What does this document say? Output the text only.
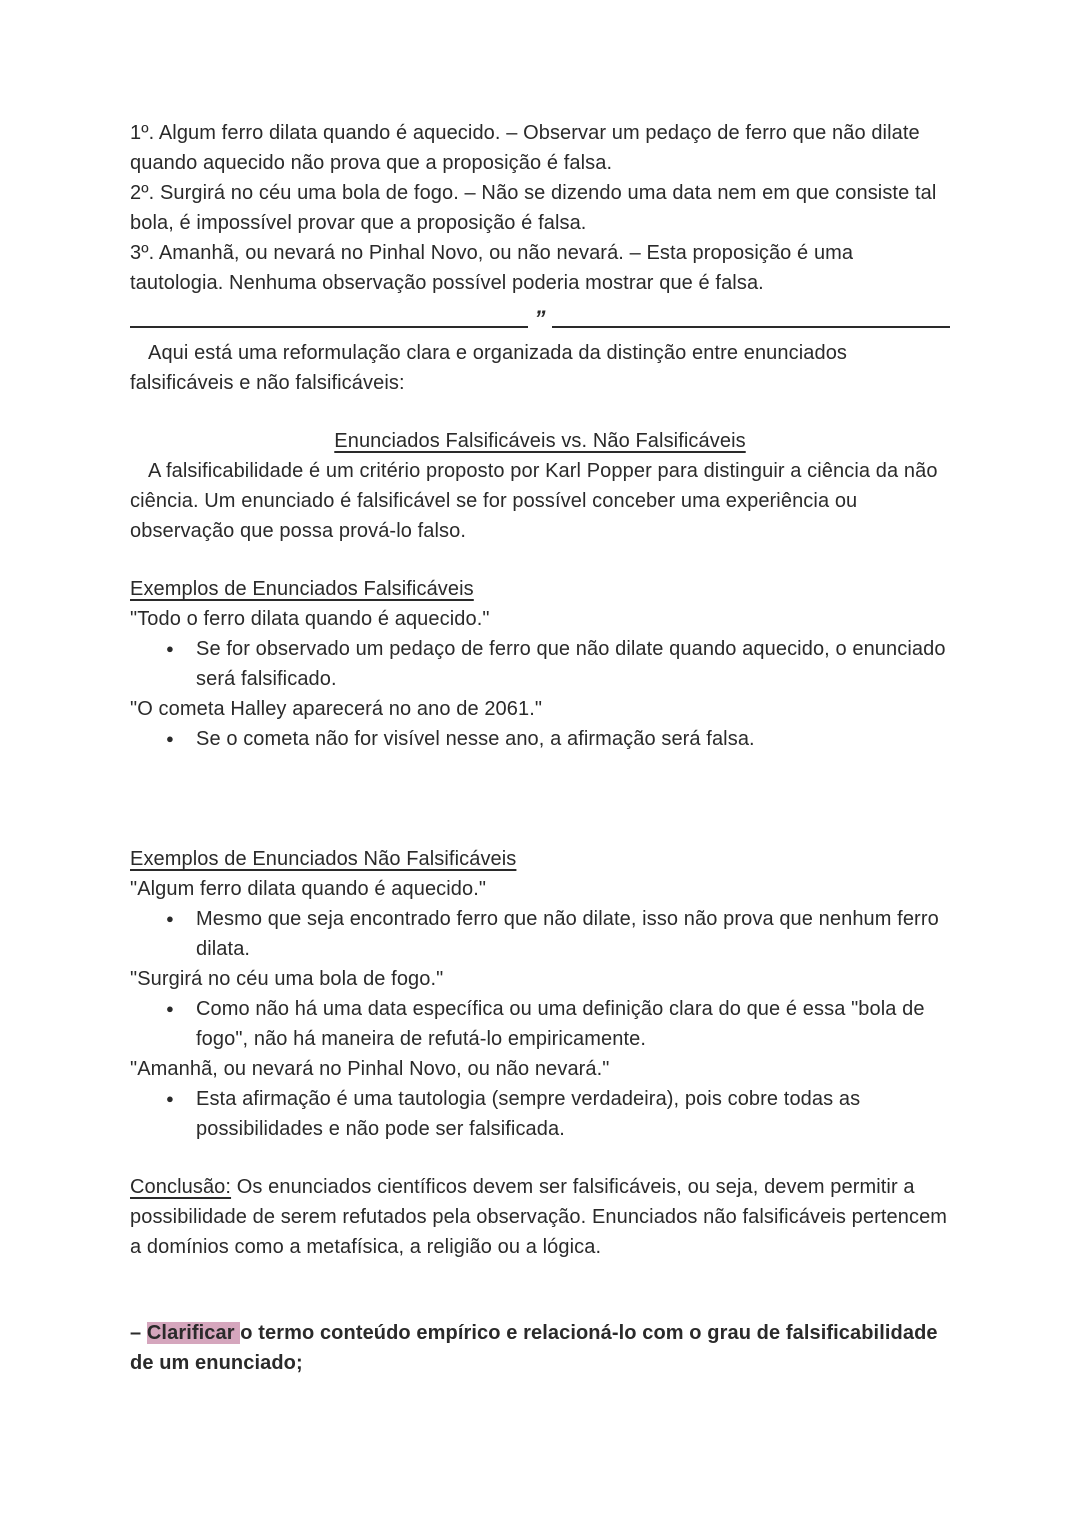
1º. Algum ferro dilata quando é aquecido. – Observar um pedaço de ferro que não dilate quando aquecido não prova que a proposição é falsa.

2º. Surgirá no céu uma bola de fogo. – Não se dizendo uma data nem em que consiste tal bola, é impossível provar que a proposição é falsa.

3º. Amanhã, ou nevará no Pinhal Novo, ou não nevará. – Esta proposição é uma tautologia. Nenhuma observação possível poderia mostrar que é falsa.

”

Aqui está uma reformulação clara e organizada da distinção entre enunciados falsificáveis e não falsificáveis:

Enunciados Falsificáveis vs. Não Falsificáveis

A falsificabilidade é um critério proposto por Karl Popper para distinguir a ciência da não ciência. Um enunciado é falsificável se for possível conceber uma experiência ou observação que possa prová-lo falso.

Exemplos de Enunciados Falsificáveis

"Todo o ferro dilata quando é aquecido."

● Se for observado um pedaço de ferro que não dilate quando aquecido, o enunciado será falsificado.

"O cometa Halley aparecerá no ano de 2061."

● Se o cometa não for visível nesse ano, a afirmação será falsa.

Exemplos de Enunciados Não Falsificáveis

"Algum ferro dilata quando é aquecido."

● Mesmo que seja encontrado ferro que não dilate, isso não prova que nenhum ferro dilata.

"Surgirá no céu uma bola de fogo."

● Como não há uma data específica ou uma definição clara do que é essa "bola de fogo", não há maneira de refutá-lo empiricamente.

"Amanhã, ou nevará no Pinhal Novo, ou não nevará."

● Esta afirmação é uma tautologia (sempre verdadeira), pois cobre todas as possibilidades e não pode ser falsificada.

Conclusão: Os enunciados científicos devem ser falsificáveis, ou seja, devem permitir a possibilidade de serem refutados pela observação. Enunciados não falsificáveis pertencem a domínios como a metafísica, a religião ou a lógica.

– Clarificar o termo conteúdo empírico e relacioná-lo com o grau de falsificabilidade de um enunciado;
